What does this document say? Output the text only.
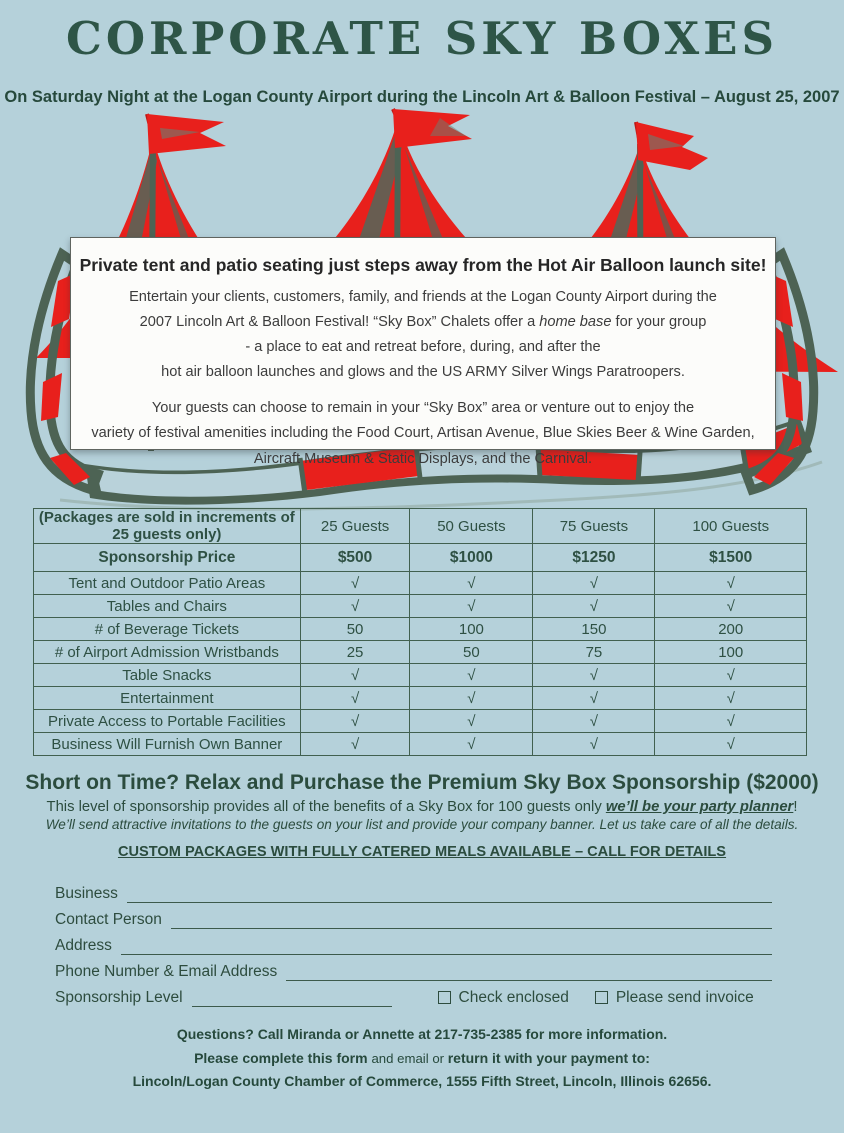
CORPORATE SKY BOXES
On Saturday Night at the Logan County Airport during the Lincoln Art & Balloon Festival – August 25, 2007
Private tent and patio seating just steps away from the Hot Air Balloon launch site!
Entertain your clients, customers, family, and friends at the Logan County Airport during the
2007 Lincoln Art & Balloon Festival! “Sky Box” Chalets offer a home base for your group
- a place to eat and retreat before, during, and after the
hot air balloon launches and glows and the US ARMY Silver Wings Paratroopers.
Your guests can choose to remain in your “Sky Box” area or venture out to enjoy the
variety of festival amenities including the Food Court, Artisan Avenue, Blue Skies Beer & Wine Garden,
Aircraft Museum & Static Displays, and the Carnival.
(Packages are sold in increments of 25 guests only)	25 Guests	50 Guests	75 Guests	100 Guests
Sponsorship Price	$500	$1000	$1250	$1500
Tent and Outdoor Patio Areas	√	√	√	√
Tables and Chairs	√	√	√	√
# of Beverage Tickets	50	100	150	200
# of Airport Admission Wristbands	25	50	75	100
Table Snacks	√	√	√	√
Entertainment	√	√	√	√
Private Access to Portable Facilities	√	√	√	√
Business Will Furnish Own Banner	√	√	√	√
Short on Time? Relax and Purchase the Premium Sky Box Sponsorship ($2000)
This level of sponsorship provides all of the benefits of a Sky Box for 100 guests only we’ll be your party planner!
We’ll send attractive invitations to the guests on your list and provide your company banner. Let us take care of all the details.
CUSTOM PACKAGES WITH FULLY CATERED MEALS AVAILABLE – CALL FOR DETAILS
Business
Contact Person
Address
Phone Number & Email Address
Sponsorship Level	Check enclosed	Please send invoice
Questions? Call Miranda or Annette at 217-735-2385 for more information.
Please complete this form and email or return it with your payment to:
Lincoln/Logan County Chamber of Commerce, 1555 Fifth Street, Lincoln, Illinois 62656.
